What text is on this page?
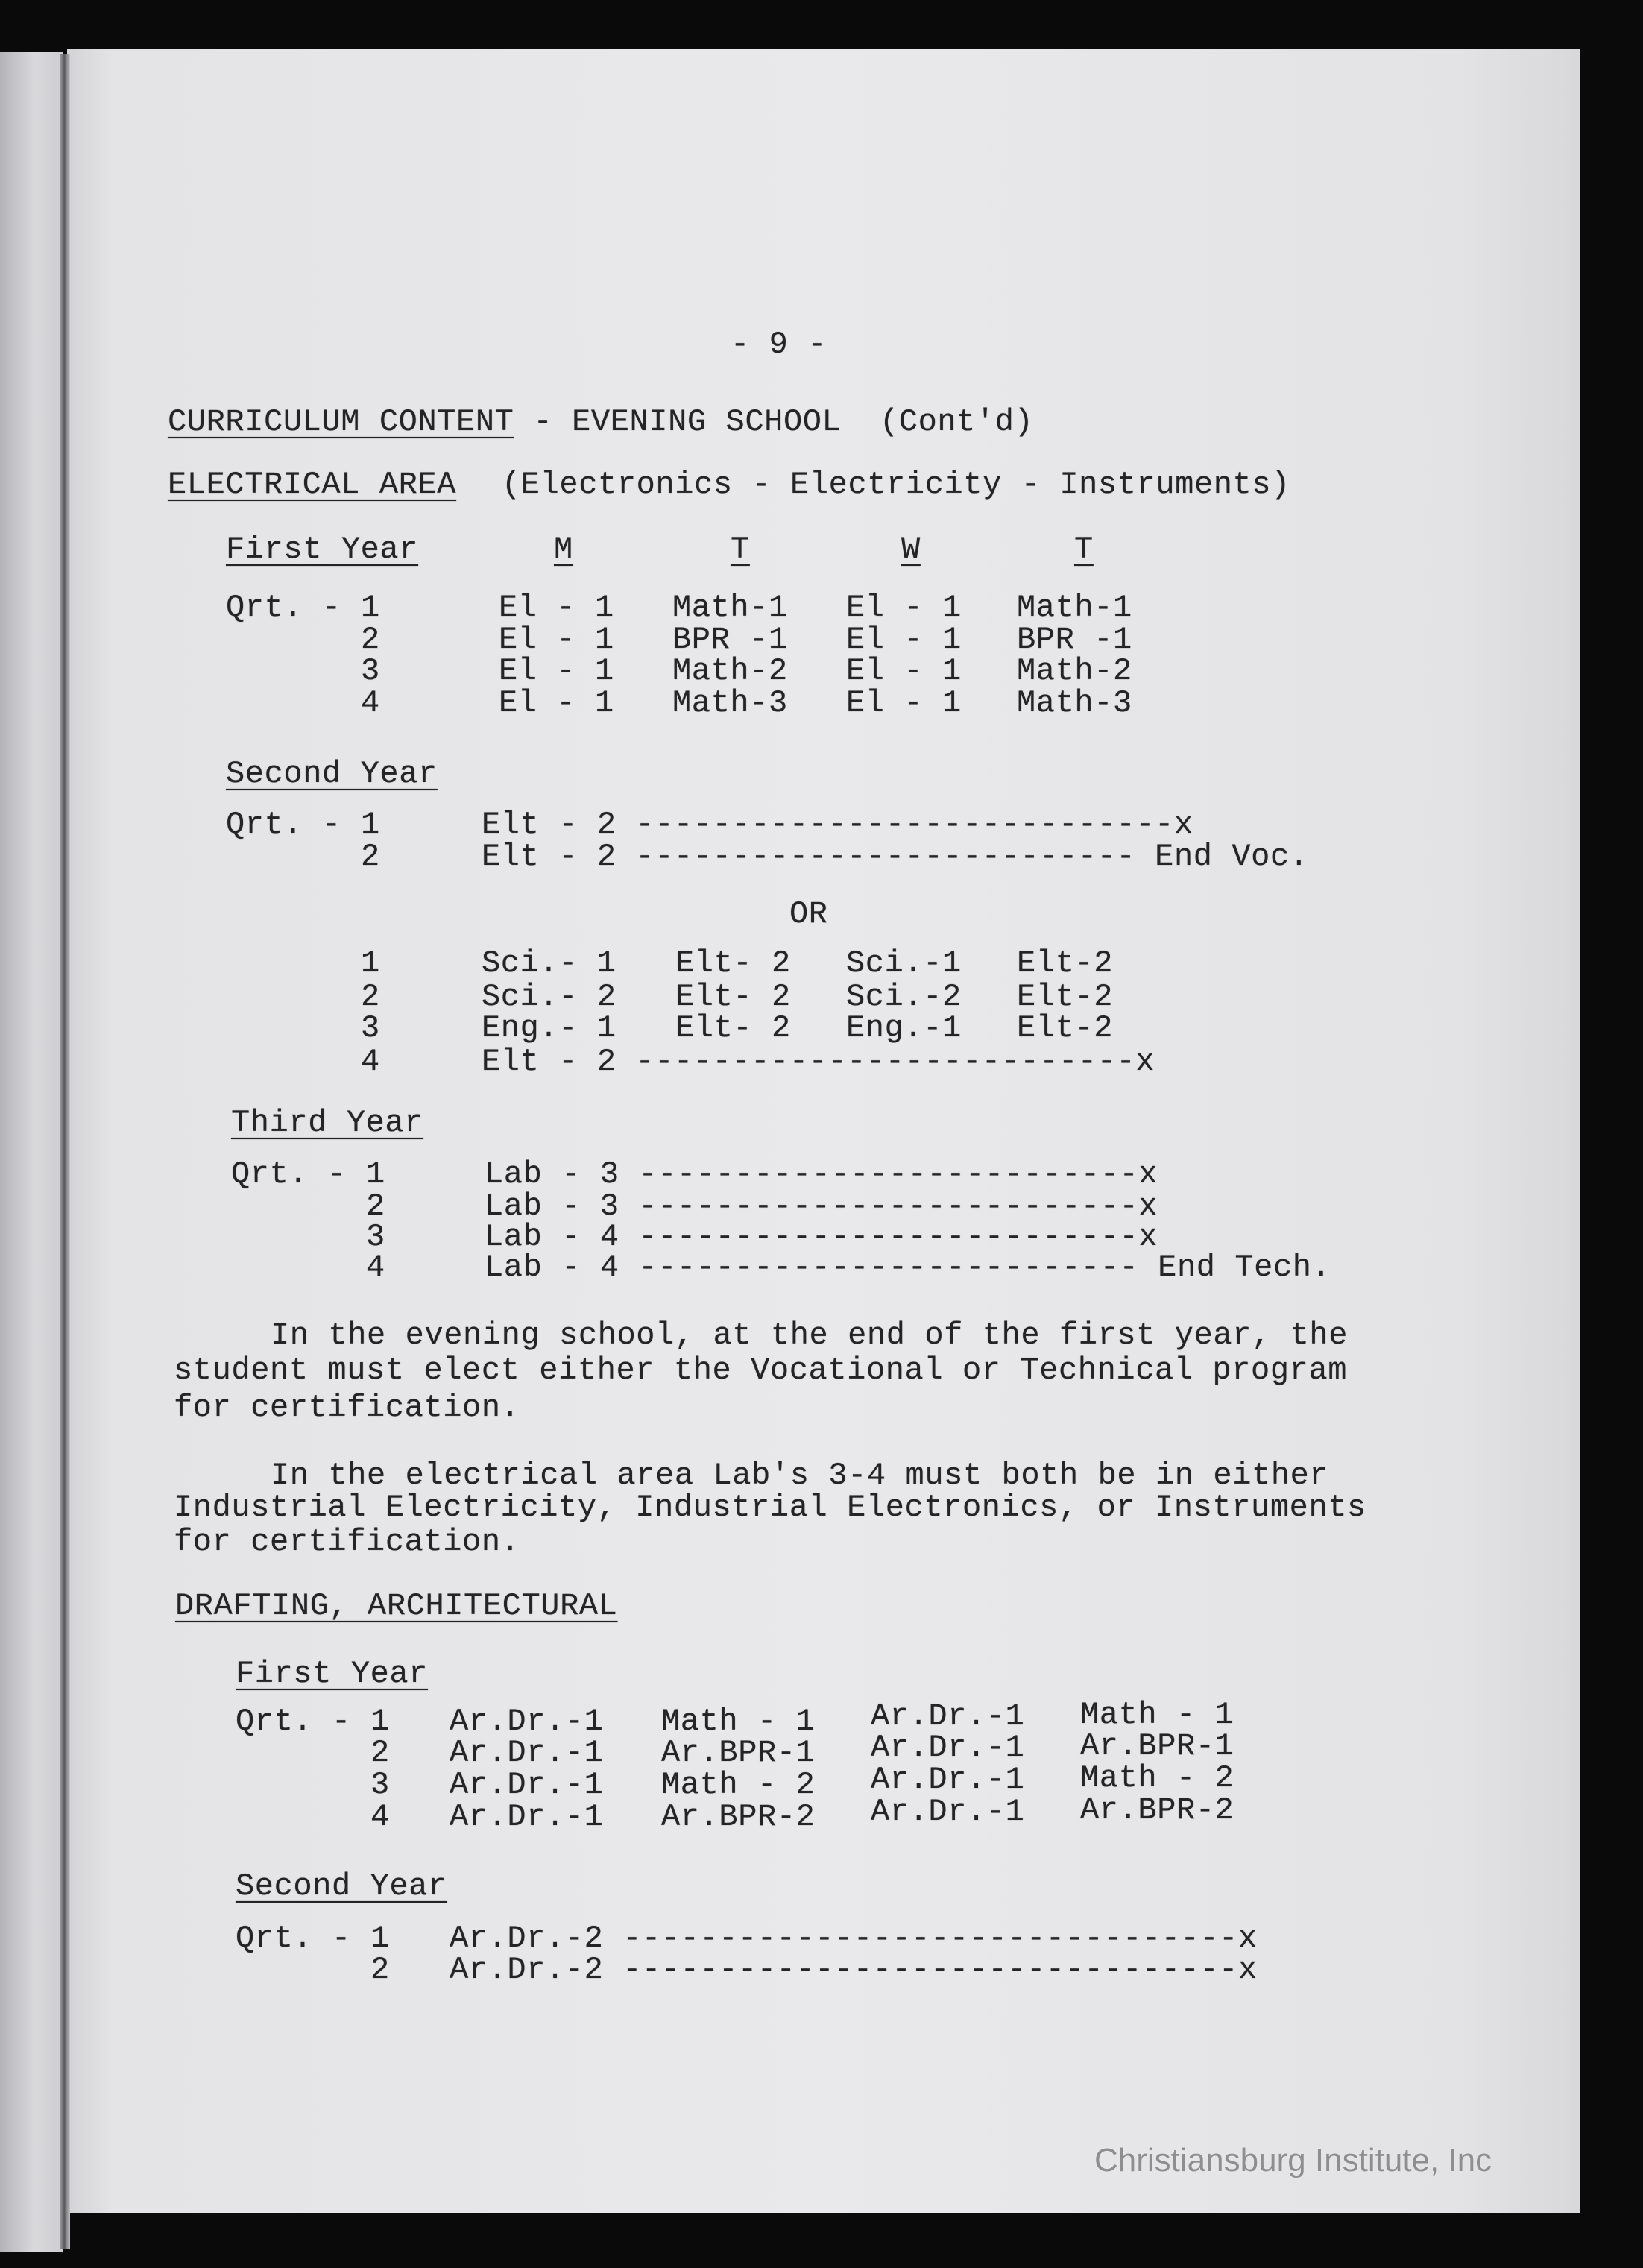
- 9 -
CURRICULUM CONTENT - EVENING SCHOOL  (Cont'd)
ELECTRICAL AREA (Electronics - Electricity - Instruments)
First Year	M	T	W	T
Qrt. - 1	El - 1 Math-1 El - 1 Math-1
2	El - 1 BPR -1 El - 1 BPR -1
3	El - 1 Math-2 El - 1 Math-2
4	El - 1 Math-3 El - 1 Math-3
Second Year
Qrt. - 1	Elt - 2 ----------------------------x
2	Elt - 2 -------------------------- End Voc.
OR
1	Sci.- 1 Elt- 2 Sci.-1 Elt-2
2	Sci.- 2 Elt- 2 Sci.-2 Elt-2
3	Eng.- 1 Elt- 2 Eng.-1 Elt-2
4	Elt - 2 --------------------------x
Third Year
Qrt. - 1	Lab - 3 --------------------------x
2	Lab - 3 --------------------------x
3	Lab - 4 --------------------------x
4	Lab - 4 -------------------------- End Tech.
In the evening school, at the end of the first year, the
student must elect either the Vocational or Technical program
for certification.
In the electrical area Lab's 3-4 must both be in either
Industrial Electricity, Industrial Electronics, or Instruments
for certification.
DRAFTING, ARCHITECTURAL
First Year
Qrt. - 1 Ar.Dr.-1 Math - 1 Ar.Dr.-1 Math - 1
2 Ar.Dr.-1 Ar.BPR-1 Ar.Dr.-1 Ar.BPR-1
3 Ar.Dr.-1 Math - 2 Ar.Dr.-1 Math - 2
4 Ar.Dr.-1 Ar.BPR-2 Ar.Dr.-1 Ar.BPR-2
Second Year
Qrt. - 1 Ar.Dr.-2 --------------------------------x
2 Ar.Dr.-2 --------------------------------x
Christiansburg Institute, Inc
